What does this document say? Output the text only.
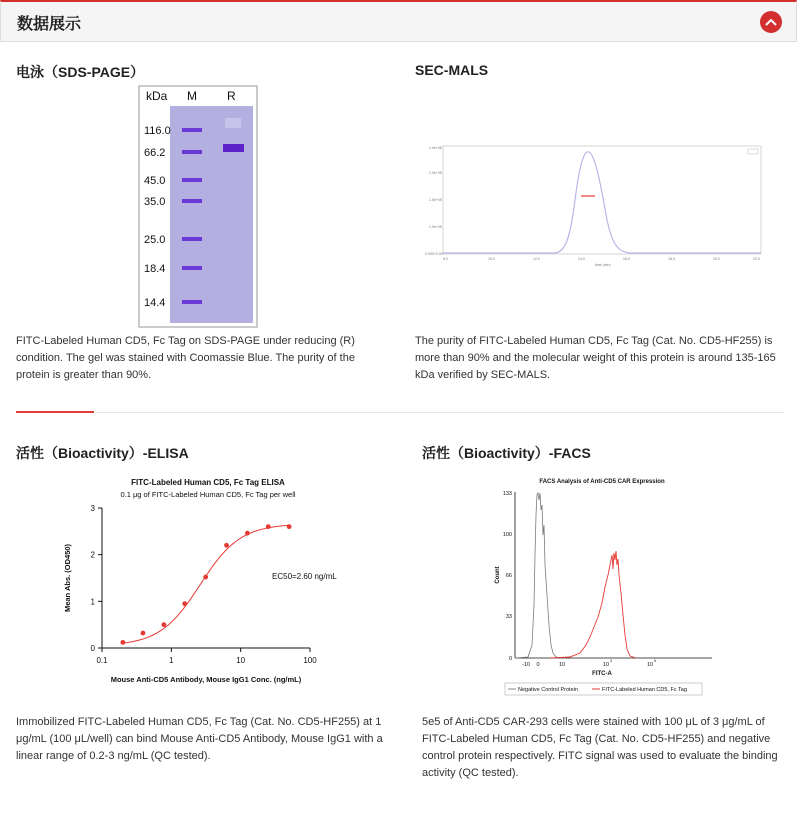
数据展示
电泳（SDS-PAGE）
kDa M	R
116.0
66.2
45.0
35.0
25.0
18.4
14.4
FITC-Labeled Human CD5, Fc Tag on SDS-PAGE under reducing (R) condition. The gel was stained with Coomassie Blue. The purity of the protein is greater than 90%.
SEC-MALS
1.0e+05
1.0e+05
1.0e+05
1.0e+05
0.000+0.00
8.0	10.0	12.0	14.0	16.0	18.0	20.0	22.0
time (min)
The purity of FITC-Labeled Human CD5, Fc Tag (Cat. No. CD5-HF255) is more than 90% and the molecular weight of this protein is around 135-165 kDa verified by SEC-MALS.
活性（Bioactivity）-ELISA
FITC-Labeled Human CD5, Fc Tag ELISA
0.1 μg of FITC-Labeled Human CD5, Fc Tag per well
0
1
2
3
0.1	1	10	100
Mean Abs. (OD450)
Mouse Anti-CD5 Antibody, Mouse IgG1 Conc. (ng/mL)
EC50=2.60 ng/mL
Immobilized FITC-Labeled Human CD5, Fc Tag (Cat. No. CD5-HF255) at 1 μg/mL (100 μL/well) can bind Mouse Anti-CD5 Antibody, Mouse IgG1 with a linear range of 0.2-3 ng/mL (QC tested).
活性（Bioactivity）-FACS
FACS Analysis of Anti-CD5 CAR Expression
133
100
66
33
0
Count
-10 0	10	10	10
3	5
FITC-A
Negative Control Protein	FITC-Labeled Human CD5, Fc Tag
5e5 of Anti-CD5 CAR-293 cells were stained with 100 μL of 3 μg/mL of FITC-Labeled Human CD5, Fc Tag (Cat. No. CD5-HF255) and negative control protein respectively. FITC signal was used to evaluate the binding activity (QC tested).
